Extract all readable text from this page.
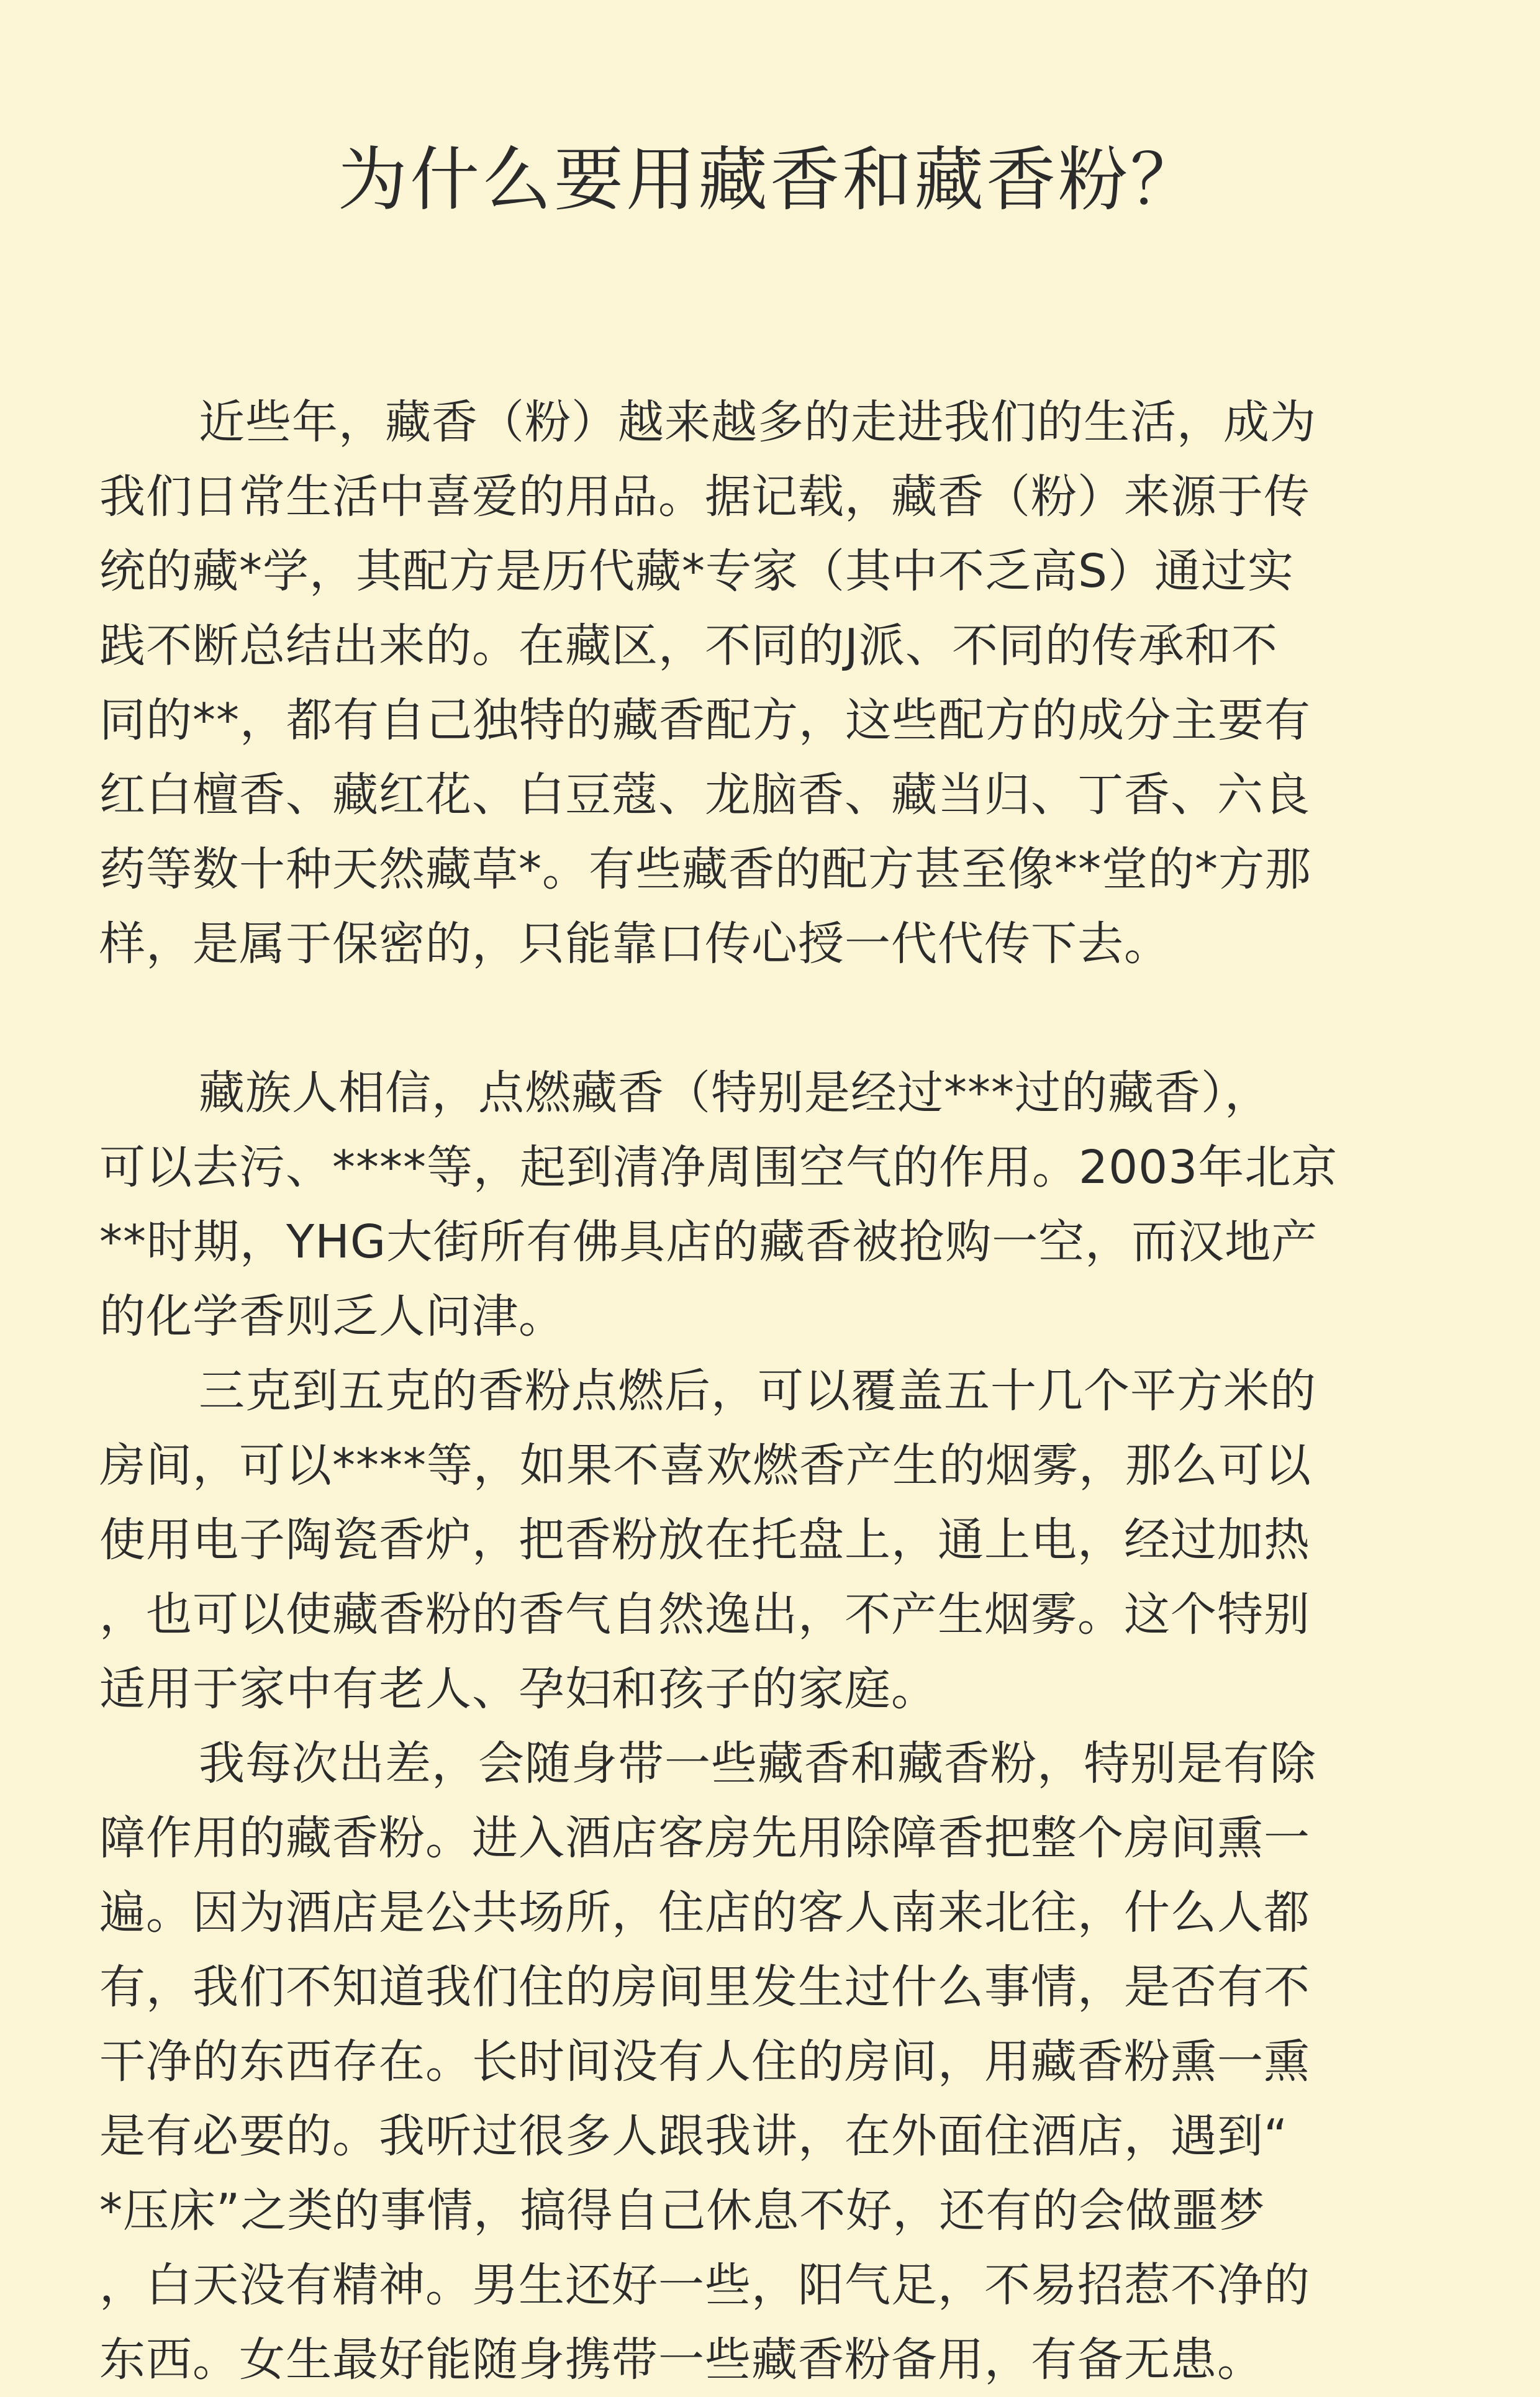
为什么要用藏香和藏香粉？

近些年，藏香（粉）越来越多的走进我们的生活，成为
我们日常生活中喜爱的用品。据记载，藏香（粉）来源于传
统的藏*学，其配方是历代藏*专家（其中不乏高S）通过实
践不断总结出来的。在藏区，不同的J派、不同的传承和不
同的**，都有自己独特的藏香配方，这些配方的成分主要有
红白檀香、藏红花、白豆蔻、龙脑香、藏当归、丁香、六良
药等数十种天然藏草*。有些藏香的配方甚至像**堂的*方那
样，是属于保密的，只能靠口传心授一代代传下去。

藏族人相信，点燃藏香（特别是经过***过的藏香），
可以去污、****等，起到清净周围空气的作用。2003年北京
**时期，YHG大街所有佛具店的藏香被抢购一空，而汉地产
的化学香则乏人问津。

三克到五克的香粉点燃后，可以覆盖五十几个平方米的
房间，可以****等，如果不喜欢燃香产生的烟雾，那么可以
使用电子陶瓷香炉，把香粉放在托盘上，通上电，经过加热
，也可以使藏香粉的香气自然逸出，不产生烟雾。这个特别
适用于家中有老人、孕妇和孩子的家庭。

我每次出差，会随身带一些藏香和藏香粉，特别是有除
障作用的藏香粉。进入酒店客房先用除障香把整个房间熏一
遍。因为酒店是公共场所，住店的客人南来北往，什么人都
有，我们不知道我们住的房间里发生过什么事情，是否有不
干净的东西存在。长时间没有人住的房间，用藏香粉熏一熏
是有必要的。我听过很多人跟我讲，在外面住酒店，遇到“
*压床”之类的事情，搞得自己休息不好，还有的会做噩梦
，白天没有精神。男生还好一些，阳气足，不易招惹不净的
东西。女生最好能随身携带一些藏香粉备用，有备无患。
